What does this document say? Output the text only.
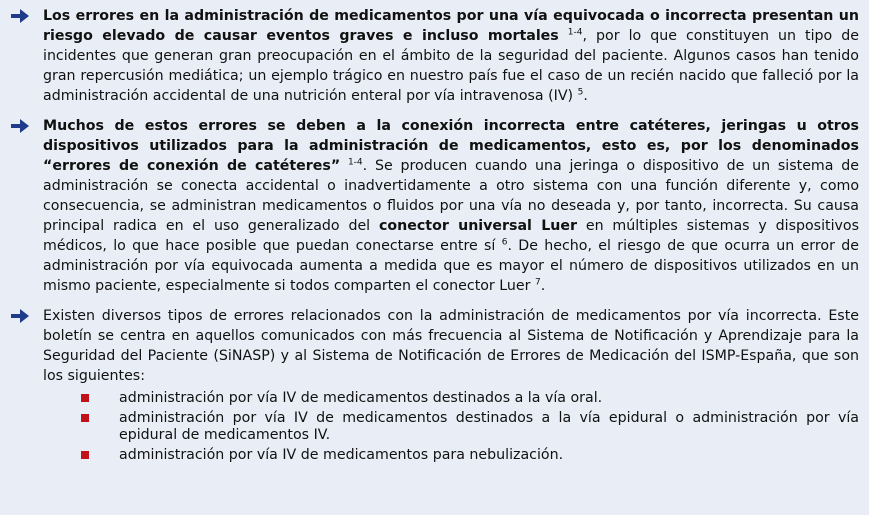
Los errores en la administración de medicamentos por una vía equivocada o incorrecta presentan un riesgo elevado de causar eventos graves e incluso mortales $^{1-4}$, por lo que constituyen un tipo de incidentes que generan gran preocupación en el ámbito de la seguridad del paciente. Algunos casos han tenido gran repercusión mediática; un ejemplo trágico en nuestro país fue el caso de un recién nacido que falleció por la administración accidental de una nutrición enteral por vía intravenosa (IV) $^5$.
Muchos de estos errores se deben a la conexión incorrecta entre catéteres, jeringas u otros dispositivos utilizados para la administración de medicamentos, esto es, por los denominados “errores de conexión de catéteres” $^{1-4}$. Se producen cuando una jeringa o dispositivo de un sistema de administración se conecta accidental o inadvertidamente a otro sistema con una función diferente y, como consecuencia, se administran medicamentos o fluidos por una vía no deseada y, por tanto, incorrecta. Su causa principal radica en el uso generalizado del conector universal Luer en múltiples sistemas y dispositivos médicos, lo que hace posible que puedan conectarse entre sí $^6$. De hecho, el riesgo de que ocurra un error de administración por vía equivocada aumenta a medida que es mayor el número de dispositivos utilizados en un mismo paciente, especialmente si todos comparten el conector Luer $^7$.
Existen diversos tipos de errores relacionados con la administración de medicamentos por vía incorrecta. Este boletín se centra en aquellos comunicados con más frecuencia al Sistema de Notificación y Aprendizaje para la Seguridad del Paciente (SiNASP) y al Sistema de Notificación de Errores de Medicación del ISMP-España, que son los siguientes:
administración por vía IV de medicamentos destinados a la vía oral.
administración por vía IV de medicamentos destinados a la vía epidural o administración por vía epidural de medicamentos IV.
administración por vía IV de medicamentos para nebulización.
